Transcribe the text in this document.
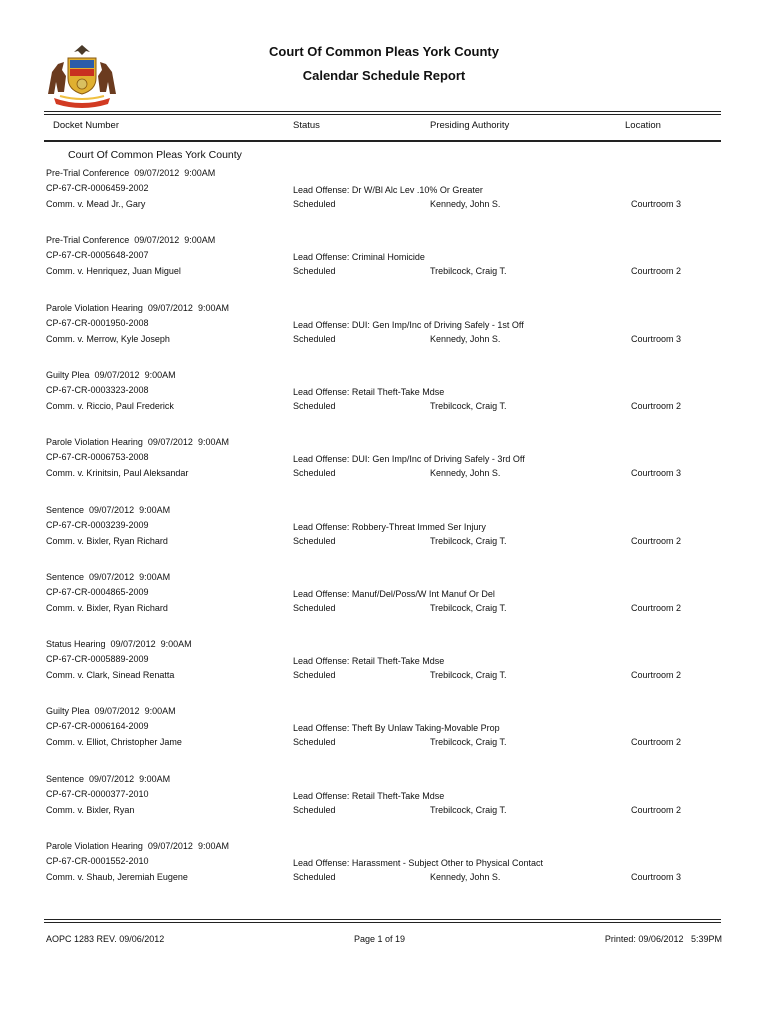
Court Of Common Pleas York County
Calendar Schedule Report
Docket Number	Status	Presiding Authority	Location
Court Of Common Pleas York County
Pre-Trial Conference  09/07/2012  9:00AM
CP-67-CR-0006459-2002
Comm. v. Mead Jr., Gary
Lead Offense: Dr W/Bl Alc Lev .10% Or Greater
Scheduled	Kennedy, John S.	Courtroom 3
Pre-Trial Conference  09/07/2012  9:00AM
CP-67-CR-0005648-2007
Comm. v. Henriquez, Juan Miguel
Lead Offense: Criminal Homicide
Scheduled	Trebilcock, Craig T.	Courtroom 2
Parole Violation Hearing  09/07/2012  9:00AM
CP-67-CR-0001950-2008
Comm. v. Merrow, Kyle Joseph
Lead Offense: DUI: Gen Imp/Inc of Driving Safely - 1st Off
Scheduled	Kennedy, John S.	Courtroom 3
Guilty Plea  09/07/2012  9:00AM
CP-67-CR-0003323-2008
Comm. v. Riccio, Paul Frederick
Lead Offense: Retail Theft-Take Mdse
Scheduled	Trebilcock, Craig T.	Courtroom 2
Parole Violation Hearing  09/07/2012  9:00AM
CP-67-CR-0006753-2008
Comm. v. Krinitsin, Paul Aleksandar
Lead Offense: DUI: Gen Imp/Inc of Driving Safely - 3rd Off
Scheduled	Kennedy, John S.	Courtroom 3
Sentence  09/07/2012  9:00AM
CP-67-CR-0003239-2009
Comm. v. Bixler, Ryan Richard
Lead Offense: Robbery-Threat Immed Ser Injury
Scheduled	Trebilcock, Craig T.	Courtroom 2
Sentence  09/07/2012  9:00AM
CP-67-CR-0004865-2009
Comm. v. Bixler, Ryan Richard
Lead Offense: Manuf/Del/Poss/W Int Manuf Or Del
Scheduled	Trebilcock, Craig T.	Courtroom 2
Status Hearing  09/07/2012  9:00AM
CP-67-CR-0005889-2009
Comm. v. Clark, Sinead Renatta
Lead Offense: Retail Theft-Take Mdse
Scheduled	Trebilcock, Craig T.	Courtroom 2
Guilty Plea  09/07/2012  9:00AM
CP-67-CR-0006164-2009
Comm. v. Elliot, Christopher Jame
Lead Offense: Theft By Unlaw Taking-Movable Prop
Scheduled	Trebilcock, Craig T.	Courtroom 2
Sentence  09/07/2012  9:00AM
CP-67-CR-0000377-2010
Comm. v. Bixler, Ryan
Lead Offense: Retail Theft-Take Mdse
Scheduled	Trebilcock, Craig T.	Courtroom 2
Parole Violation Hearing  09/07/2012  9:00AM
CP-67-CR-0001552-2010
Comm. v. Shaub, Jeremiah Eugene
Lead Offense: Harassment - Subject Other to Physical Contact
Scheduled	Kennedy, John S.	Courtroom 3
AOPC 1283 REV. 09/06/2012	Page 1 of 19	Printed: 09/06/2012   5:39PM
